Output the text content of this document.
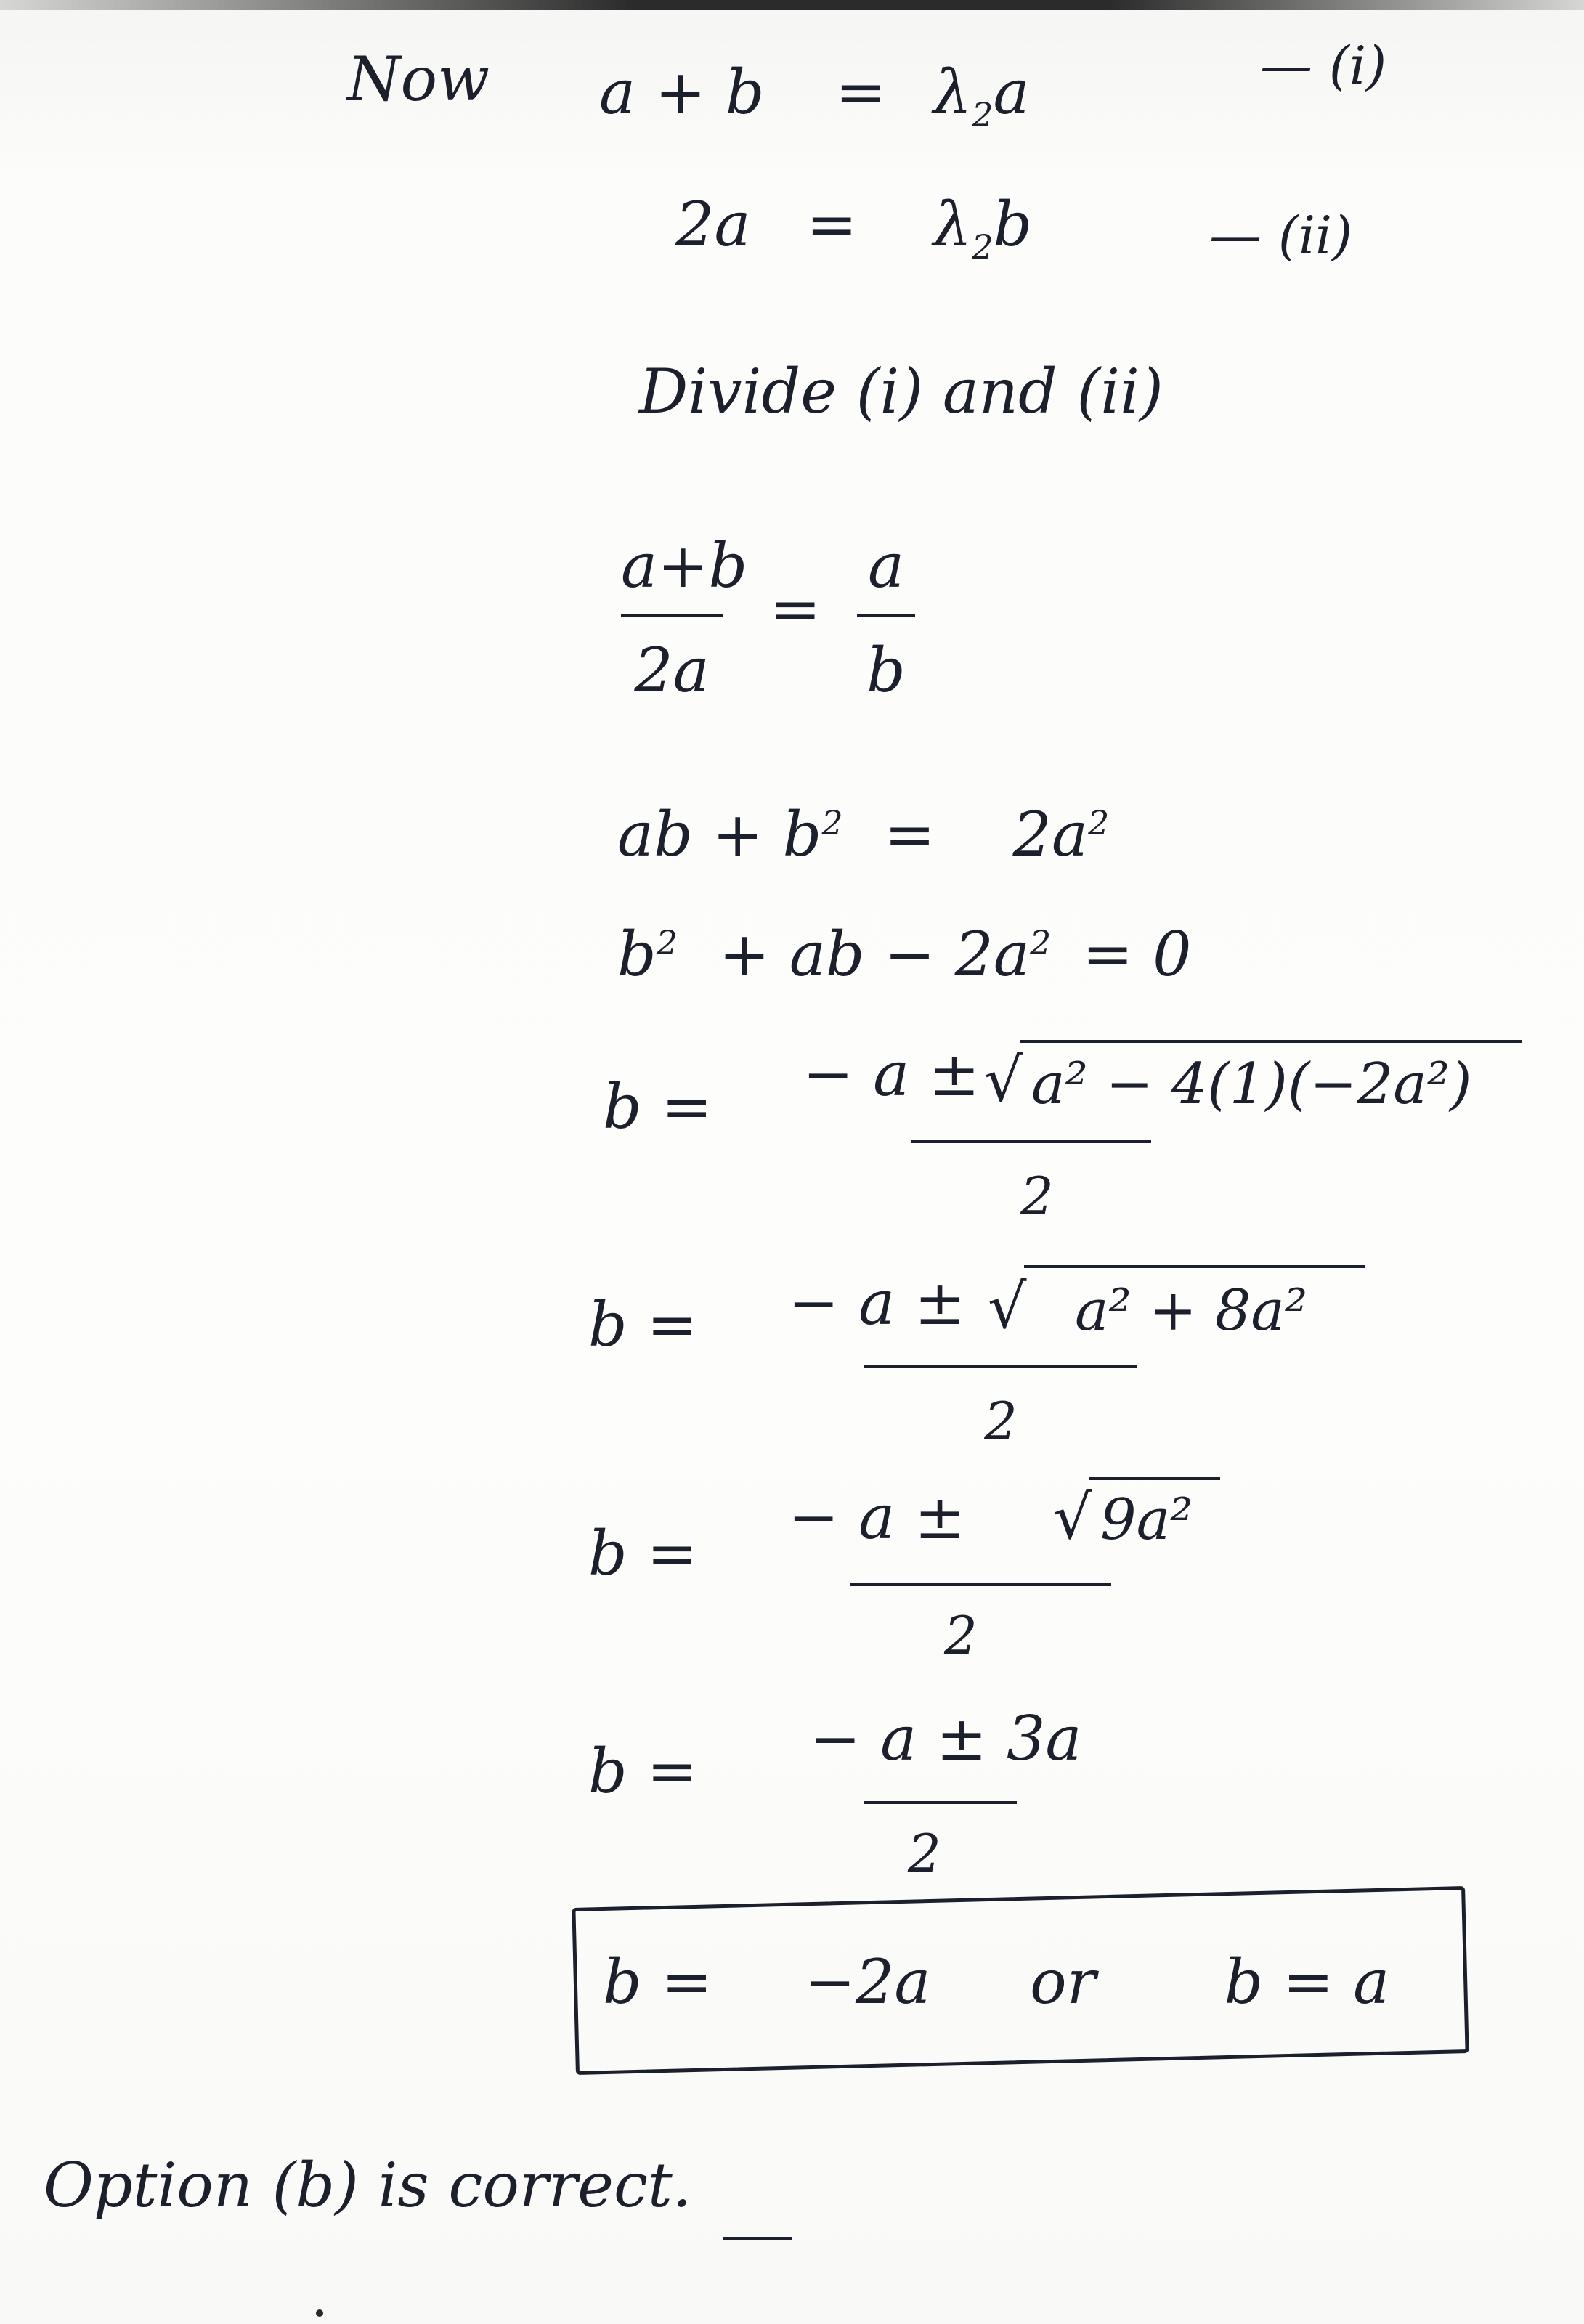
Now $a + b = \lambda_2a$	— (i)
$2a = \lambda_2b$	— (ii)
Divide (i) and (ii)
a+b
2a
=
a
b
ab + $b^2 = 2a^2$
$b^2$ + ab − $2a^2 = 0$
b = − a ± √ a² − 4(1)(−2a²)
2
b = − a ± √ a² + 8a²
2
b =
− a ± √ 9a²
2
b = − a ± 3a
2
b = −2a or b = a
Option (b) is correct.
